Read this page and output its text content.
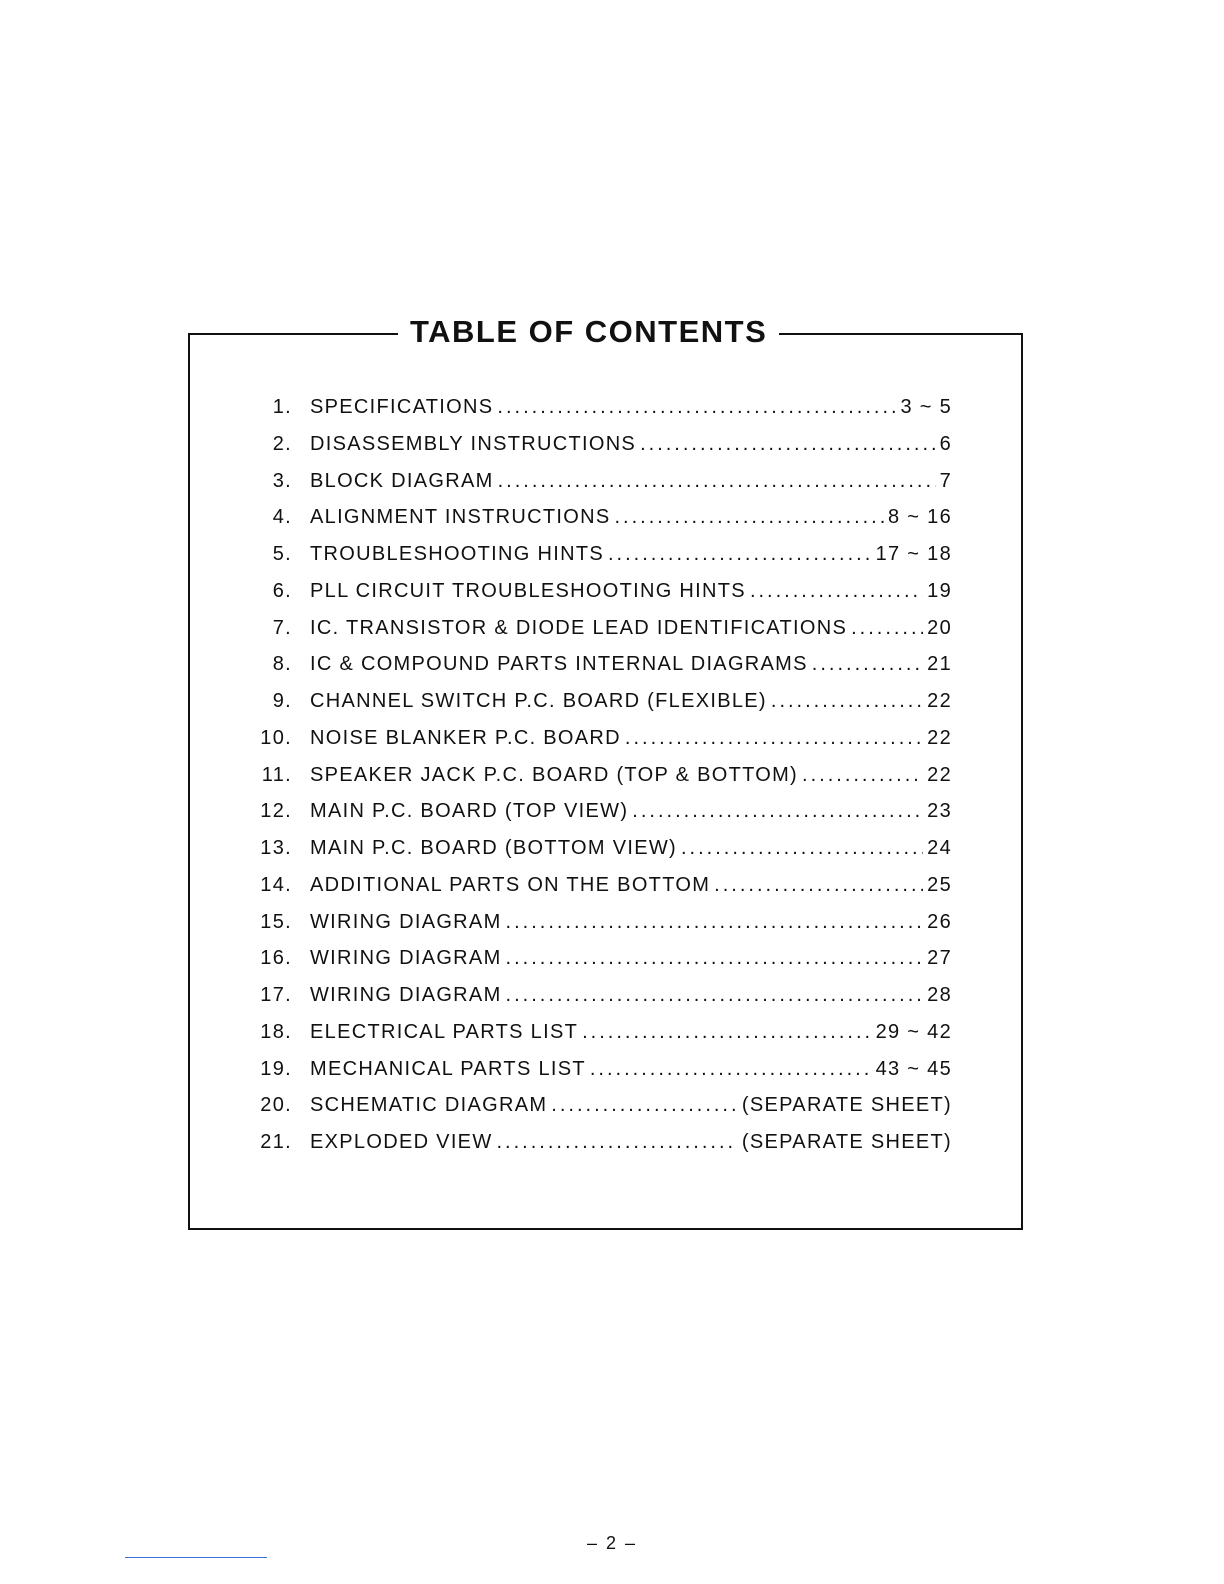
TABLE OF CONTENTS
1. SPECIFICATIONS .....	3 ~ 5
2. DISASSEMBLY INSTRUCTIONS .....	6
3. BLOCK DIAGRAM .....	7
4. ALIGNMENT INSTRUCTIONS .....	8 ~ 16
5. TROUBLESHOOTING HINTS .....	17 ~ 18
6. PLL CIRCUIT TROUBLESHOOTING HINTS .....	19
7. IC. TRANSISTOR & DIODE LEAD IDENTIFICATIONS .....	20
8. IC & COMPOUND PARTS INTERNAL DIAGRAMS .....	21
9. CHANNEL SWITCH P.C. BOARD (FLEXIBLE) .....	22
10. NOISE BLANKER P.C. BOARD .....	22
11. SPEAKER JACK P.C. BOARD (TOP & BOTTOM) .....	22
12. MAIN P.C. BOARD (TOP VIEW) .....	23
13. MAIN P.C. BOARD (BOTTOM VIEW) .....	24
14. ADDITIONAL PARTS ON THE BOTTOM .....	25
15. WIRING DIAGRAM .....	26
16. WIRING DIAGRAM .....	27
17. WIRING DIAGRAM .....	28
18. ELECTRICAL PARTS LIST .....	29 ~ 42
19. MECHANICAL PARTS LIST .....	43 ~ 45
20. SCHEMATIC DIAGRAM .....	(SEPARATE SHEET)
21. EXPLODED VIEW .....	(SEPARATE SHEET)
– 2 –
